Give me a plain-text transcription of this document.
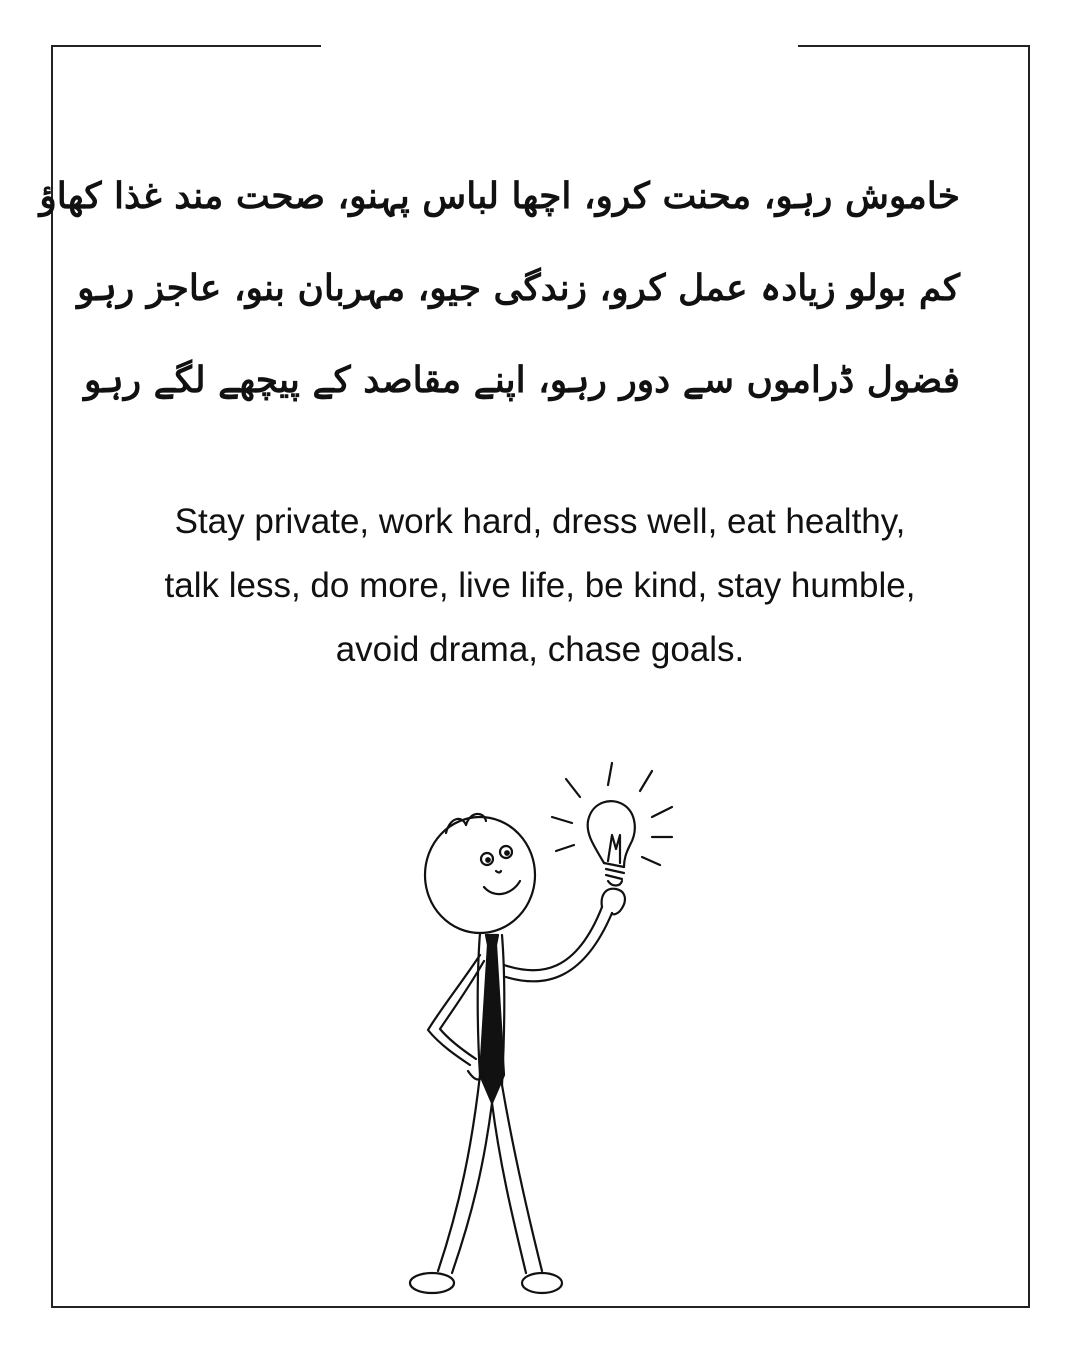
خاموش رہو، محنت کرو، اچھا لباس پہنو، صحت مند غذا کھاؤ
کم بولو زیادہ عمل کرو، زندگی جیو، مہربان بنو، عاجز رہو
فضول ڈراموں سے دور رہو، اپنے مقاصد کے پیچھے لگے رہو
Stay private, work hard, dress well, eat healthy,
talk less, do more, live life, be kind, stay humble,
avoid drama, chase goals.
